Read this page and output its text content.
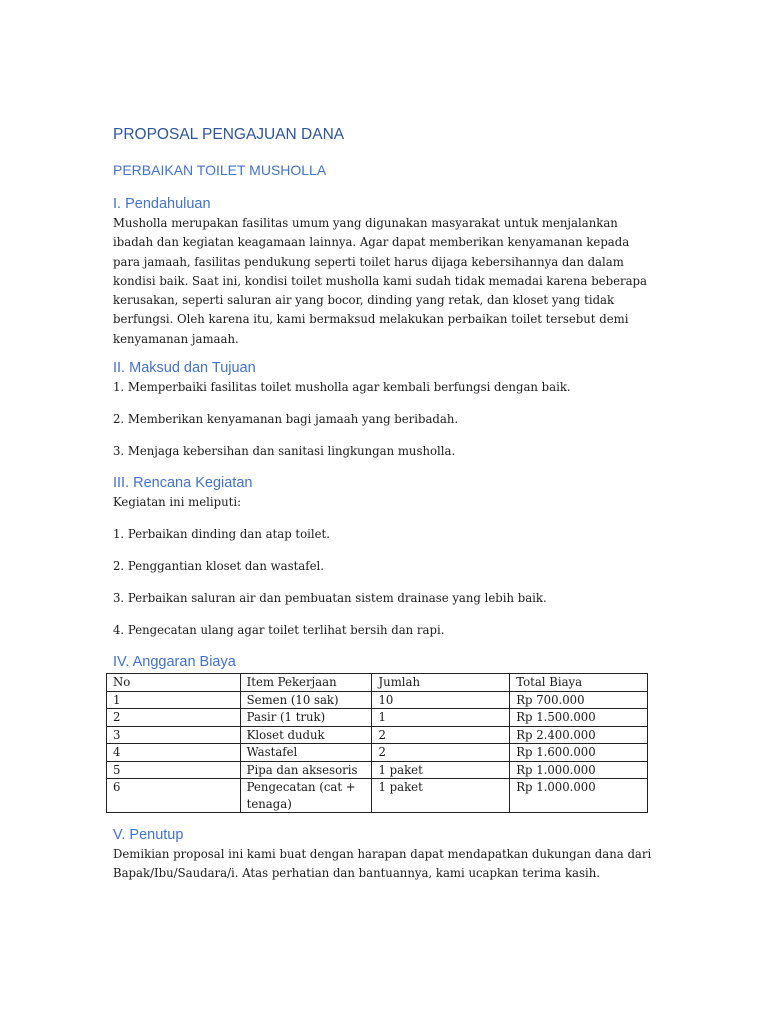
PROPOSAL PENGAJUAN DANA
PERBAIKAN TOILET MUSHOLLA
I. Pendahuluan

Musholla merupakan fasilitas umum yang digunakan masyarakat untuk menjalankan ibadah dan kegiatan keagamaan lainnya. Agar dapat memberikan kenyamanan kepada para jamaah, fasilitas pendukung seperti toilet harus dijaga kebersihannya dan dalam kondisi baik. Saat ini, kondisi toilet musholla kami sudah tidak memadai karena beberapa kerusakan, seperti saluran air yang bocor, dinding yang retak, dan kloset yang tidak berfungsi. Oleh karena itu, kami bermaksud melakukan perbaikan toilet tersebut demi kenyamanan jamaah.

II. Maksud dan Tujuan

1. Memperbaiki fasilitas toilet musholla agar kembali berfungsi dengan baik.

2. Memberikan kenyamanan bagi jamaah yang beribadah.

3. Menjaga kebersihan dan sanitasi lingkungan musholla.

III. Rencana Kegiatan

Kegiatan ini meliputi:

1. Perbaikan dinding dan atap toilet.

2. Penggantian kloset dan wastafel.

3. Perbaikan saluran air dan pembuatan sistem drainase yang lebih baik.

4. Pengecatan ulang agar toilet terlihat bersih dan rapi.

IV. Anggaran Biaya
No	Item Pekerjaan	Jumlah	Total Biaya
1	Semen (10 sak)	10	Rp 700.000
2	Pasir (1 truk)	1	Rp 1.500.000
3	Kloset duduk	2	Rp 2.400.000
4	Wastafel	2	Rp 1.600.000
5	Pipa dan aksesoris	1 paket	Rp 1.000.000
6	Pengecatan (cat + tenaga)	1 paket	Rp 1.000.000
V. Penutup

Demikian proposal ini kami buat dengan harapan dapat mendapatkan dukungan dana dari Bapak/Ibu/Saudara/i. Atas perhatian dan bantuannya, kami ucapkan terima kasih.
